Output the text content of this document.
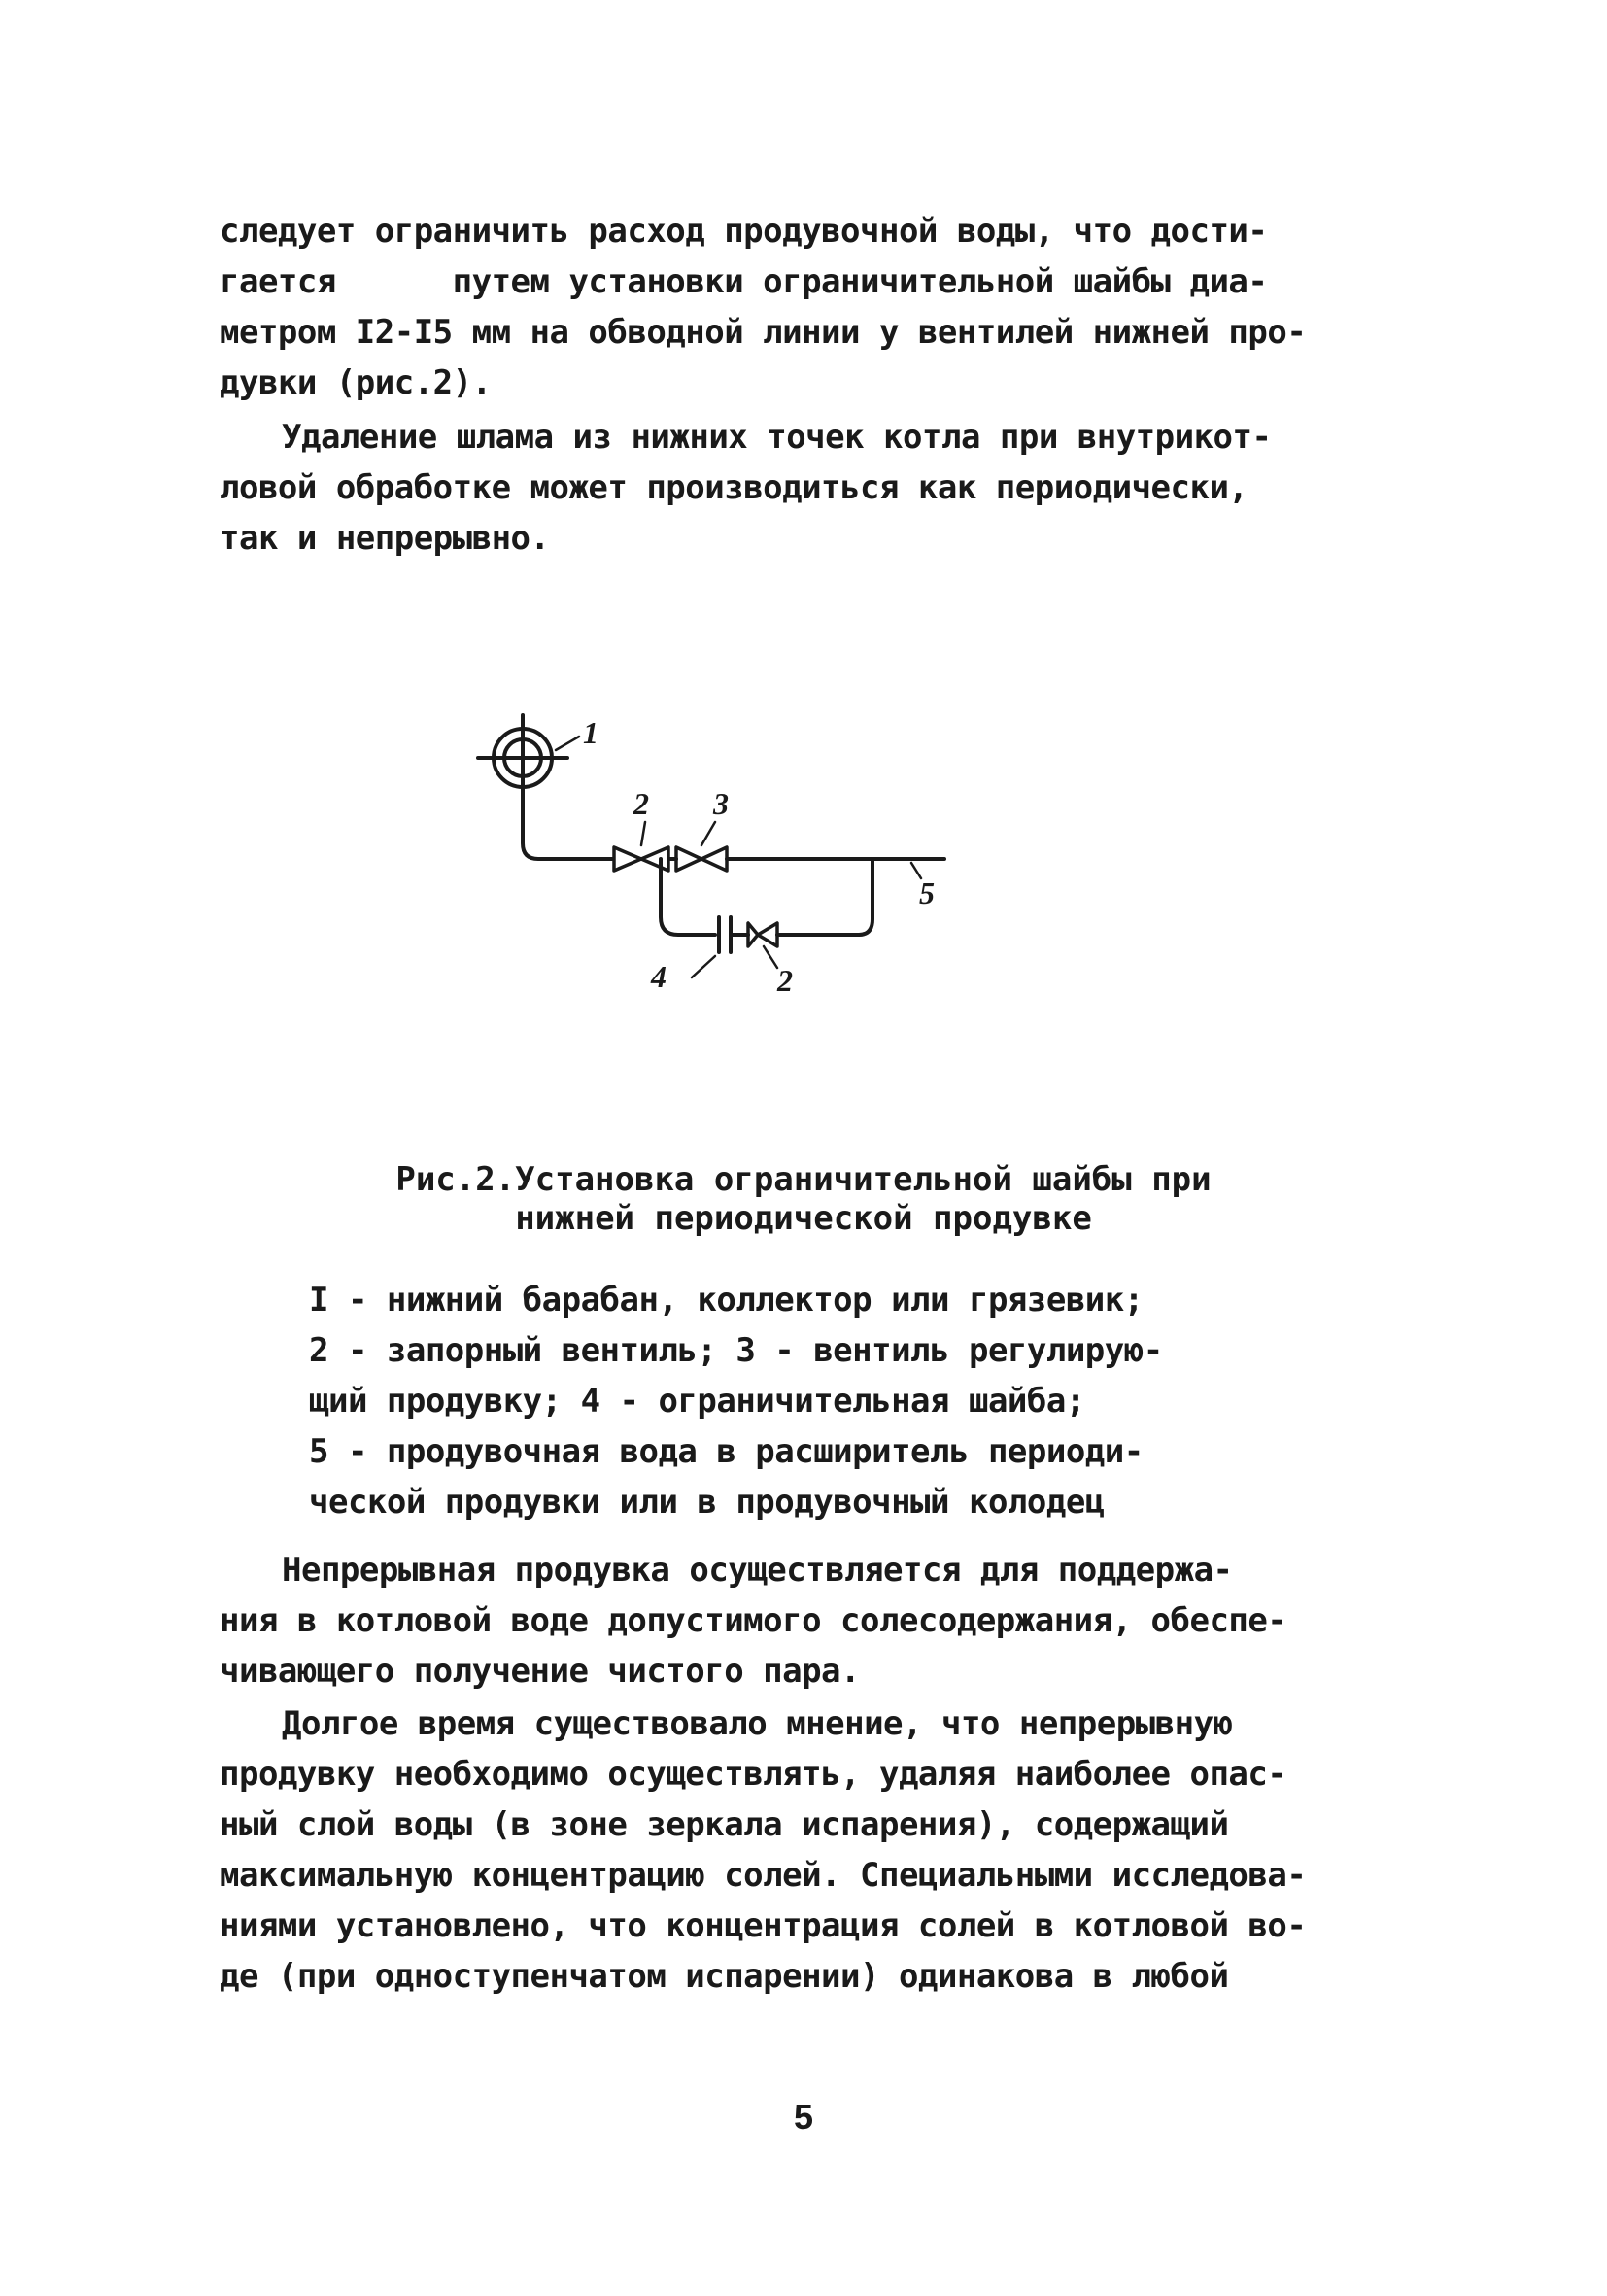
следует ограничить расход продувочной воды, что дости-

гается      путем установки ограничительной шайбы диа-

метром I2-I5 мм на обводной линии у вентилей нижней про-

дувки (рис.2).

Удаление шлама из нижних точек котла при внутрикот-

ловой обработке может производиться как периодически,

так и непрерывно.

1
2 3
5
4	2

Рис.2.Установка ограничительной шайбы при

нижней периодической продувке

I - нижний барабан, коллектор или грязевик;

2 - запорный вентиль; 3 - вентиль регулирую-

щий продувку; 4 - ограничительная шайба;

5 - продувочная вода в расширитель периоди-

ческой продувки или в продувочный колодец

Непрерывная продувка осуществляется для поддержа-

ния в котловой воде допустимого солесодержания, обеспе-

чивающего получение чистого пара.

Долгое время существовало мнение, что непрерывную

продувку необходимо осуществлять, удаляя наиболее опас-

ный слой воды (в зоне зеркала испарения), содержащий

максимальную концентрацию солей. Специальными исследова-

ниями установлено, что концентрация солей в котловой во-

де (при одноступенчатом испарении) одинакова в любой

5
